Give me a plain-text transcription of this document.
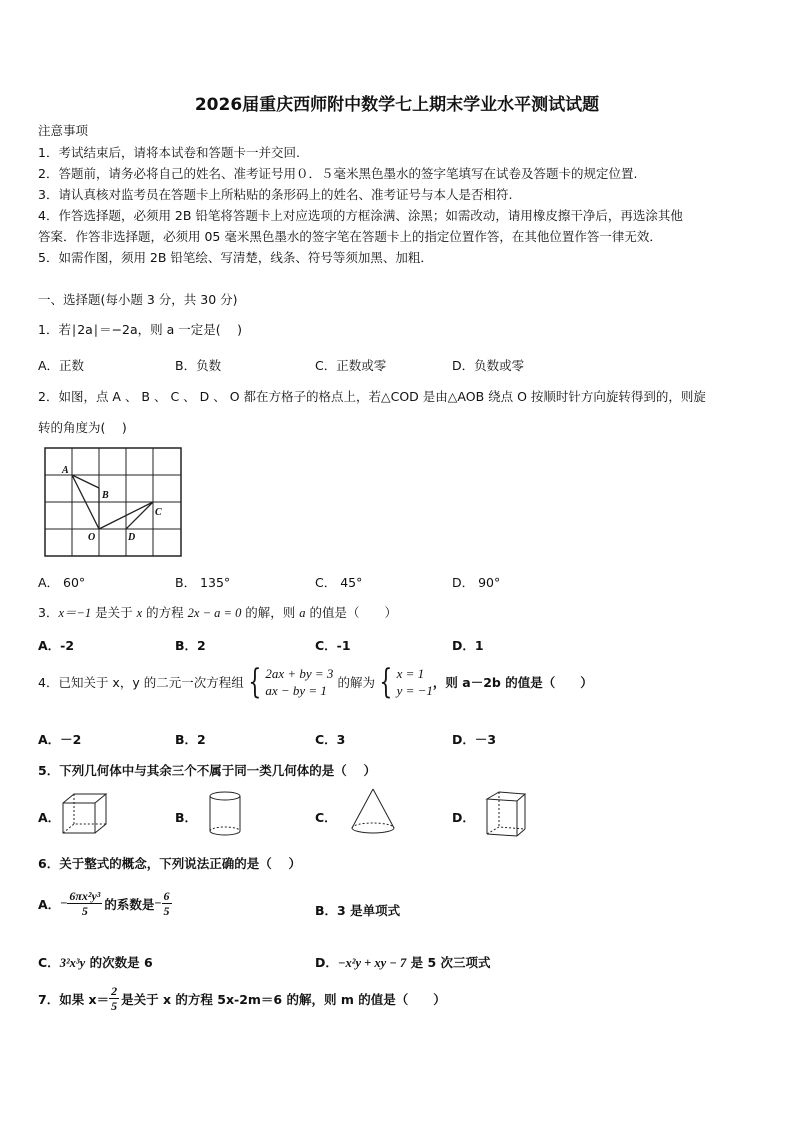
2026届重庆西师附中数学七上期末学业水平测试试题
注意事项
1．考试结束后，请将本试卷和答题卡一并交回.
2．答题前，请务必将自己的姓名、准考证号用０．５毫米黑色墨水的签字笔填写在试卷及答题卡的规定位置.
3．请认真核对监考员在答题卡上所粘贴的条形码上的姓名、准考证号与本人是否相符.
4．作答选择题，必须用 2B 铅笔将答题卡上对应选项的方框涂满、涂黑；如需改动，请用橡皮擦干净后，再选涂其他
答案．作答非选择题，必须用 05 毫米黑色墨水的签字笔在答题卡上的指定位置作答，在其他位置作答一律无效．
5．如需作图，须用 2B 铅笔绘、写清楚，线条、符号等须加黑、加粗．
一、选择题(每小题 3 分，共 30 分)
1．若∣2a∣＝−2a，则 a 一定是(　 )
A．正数	B．负数	C．正数或零	D．负数或零
2．如图，点 A 、 B 、 C 、 D 、 O 都在方格子的格点上，若△COD 是由△AOB 绕点 O 按顺时针方向旋转得到的，则旋
转的角度为(　 )
A
B
C
O	D
A． 60°	B． 135°	C． 45°	D． 90°
3．x＝−1 是关于 x 的方程 2x − a = 0 的解，则 a 的值是（　　）
A．-2	B．2	C．-1	D．1
4．已知关于 x，y 的二元一次方程组 { 2ax + by = 3
ax − by = 1
的解为 { x = 1
y = −1
，则 a－2b 的值是（　　）
A．－2	B．2	C．3	D．－3
5．下列几何体中与其余三个不属于同一类几何体的是（　 ）
A．	B．	C．	D．
6．关于整式的概念，下列说法正确的是（　 ）
A． − $\frac{\text{6πx²y³}}{5}$ 的系数是 − $\frac{6}{5}$	B．3 是单项式
C．3²x³y 的次数是 6	D．−x²y + xy − 7 是 5 次三项式
7．如果 $x= \frac{2}{5}$ 是关于 x 的方程 5x-2m＝6 的解，则 m 的值是（　　）
